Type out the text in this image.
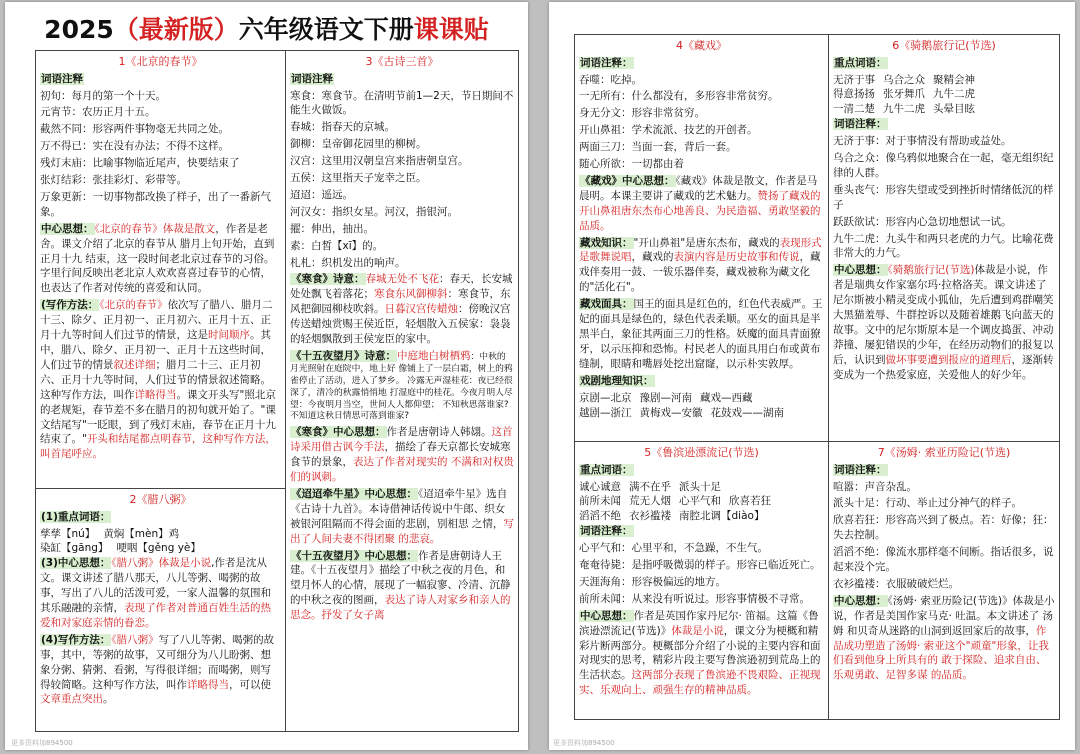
2025（最新版）六年级语文下册课课贴
1《北京的春节》

词语注释

初旬：每月的第一个十天。

元宵节：农历正月十五。

截然不同：形容两件事物毫无共同之处。

万不得已：实在没有办法；不得不这样。

残灯末庙：比喻事物临近尾声，快要结束了

张灯结彩：张挂彩灯、彩带等。

万象更新：一切事物都改换了样子，出了一番新气象。

中心思想：《北京的春节》体裁是散文，作者是老舍。课文介绍了北京的春节从 腊月上旬开始，直到正月十九 结束，这一段时间老北京过春节的习俗。字里行间反映出老北京人欢欢喜喜过春节的心情，也表达了作者对传统的喜爱和认同。

(写作方法：《北京的春节》依次写了腊八、腊月二十三、除夕、正月初一、正月初六、正月十五、正月十九等时间人们过节的情景，这是时间顺序。其中，腊八、除夕、正月初一、正月十五这些时间，人们过节的情景叙述详细；腊月二十三、正月初六、正月十九等时间，人们过节的情景叙述简略。这种写作方法，叫作详略得当。课文开头写"照北京的老规矩，春节差不多在腊月的初旬就开始了。"课文结尾写"一眨眼，到了残灯末庙，春节在正月十九结束了。"开头和结尾都点明春节，这种写作方法，叫首尾呼应。

2《腊八粥》

(1)重点词语：

孳孳【nú】 黄焖【mèn】鸡
染缸【gāng】 哽咽【gěng yè】

(3)中心思想：《腊八粥》体裁是小说,作者是沈从文。课文讲述了腊八那天，八儿等粥、喝粥的故事，写出了八儿的活泼可爱，一家人温馨的氛围和其乐融融的亲情，表现了作者对普通百姓生活的热爱和对家庭亲情的眷恋。

(4)写作方法：《腊八粥》写了八儿等粥、喝粥的故事，其中，等粥的故事，又可细分为八儿盼粥、想象分粥、猜粥、看粥，写得很详细；而喝粥，则写得较简略。这种写作方法，叫作详略得当，可以使文章重点突出。

3《古诗三首》

词语注释

寒食：寒食节。在清明节前1—2天，节日期间不能生火做饭。

春城：指春天的京城。

御柳：皇帝御花园里的柳树。

汉宫：这里用汉朝皇宫来指唐朝皇宫。

五侯：这里指天子宠幸之臣。

迢迢：遥远。

河汉女：指织女星。河汉，指银河。

擢：伸出，抽出。

素：白皙【xī】的。

札札：织机发出的响声。

《寒食》诗意：春城无处不飞花：春天，长安城处处飘飞着落花；寒食东风御柳斜：寒食节，东风把御园柳枝吹斜。日暮汉宫传蜡烛：傍晚汉宫传送蜡烛赏赐王侯近臣，轻烟散入五侯家：袅袅的轻烟飘散到王侯宠臣的家中。

《十五夜望月》诗意：中庭地白树栖鸦：中秋的月光照射在庭院中，地上好 像铺上了一层白霜，树上的鸦雀停止了活动，进入了梦乡。 冷露无声湿桂花：夜已经很深了，清冷的秋露悄悄地 打湿庭中的桂花。今夜月明人尽望：今夜明月当空，世间人人都仰望； 不知秋思落谁家?不知道这秋日情思可落到谁家?

《寒食》中心思想：作者是唐朝诗人韩翃。这首诗采用借古讽今手法，描绘了春天京都长安城寒食节的景象，表达了作者对现实的 不满和对权贵们的讽刺。

《迢迢牵牛星》中心思想：《迢迢牵牛星》选自《古诗十九首》。本诗借神话传说中牛郎、织女被银河阻隔而不得会面的悲剧，别相思 之情，写出了人间夫妻不得团聚 的悲哀。

《十五夜望月》中心思想：作者是唐朝诗人王建。《十五夜望月》描绘了中秋之夜的月色，和望月怀人的心情，展现了一幅寂寥、冷清、沉静 的中秋之夜的图画，表达了诗人对家乡和亲人的思念。抒发了女子离

更多资料加894500
4《藏戏》

词语注释：

吞噬：吃掉。

一无所有：什么都没有，多形容非常贫穷。

身无分文：形容非常贫穷。

开山鼻祖：学术流派、技艺的开创者。

两面三刀：当面一套，背后一套。

随心所欲：一切都由着

《藏戏》中心思想：《藏戏》体裁是散文，作者是马晨明。本课主要讲了藏戏的艺术魅力。赞扬了藏戏的开山鼻祖唐东杰布心地善良、为民造福、勇敢坚毅的品质。

藏戏知识："开山鼻祖"是唐东杰布，藏戏的表现形式是歌舞说唱，藏戏的表演内容是历史故事和传说，藏戏伴奏用一鼓、一钹乐器伴奏，藏戏被称为藏文化的"活化石"。

藏戏面具：国王的面具是红色的，红色代表威严。王妃的面具是绿色的，绿色代表柔顺。巫女的面具是半黑半白，象征其两面三刀的性格。妖魔的面具青面獠牙，以示压抑和恐怖。村民老人的面具用白布或黄布缝制，眼睛和嘴唇处挖出窟窿，以示朴实敦厚。

戏剧地理知识：

京剧—北京 豫剧—河南 藏戏—西藏
越剧—浙江 黄梅戏—安徽 花鼓戏——湖南
6《骑鹅旅行记(节选)

重点词语：

无济于事 乌合之众 聚精会神
得意扬扬 张牙舞爪 九牛二虎
一清二楚 九牛二虎 头晕目眩

词语注释：

无济于事：对于事情没有帮助或益处。

乌合之众：像乌鸦似地聚合在一起，毫无组织纪律的人群。

垂头丧气：形容失望或受到挫折时情绪低沉的样子

跃跃欲试：形容内心急切地想试一试。

九牛二虎：九头牛和两只老虎的力气。比喻花费非常大的力气。

中心思想：《骑鹅旅行记(节选)体裁是小说，作者是瑞典女作家塞尔玛·拉格洛芙。课文讲述了尼尔斯被小精灵变成小狐仙，先后遭到鸡群嘲笑大黑猫羞辱、牛群控诉以及随着雄鹅飞向蓝天的故事。文中的尼尔斯原本是一个调皮捣蛋、冲动莽撞、屡犯错误的少年，在经历动物们的报复以后，认识到做坏事要遭到报应的道理后，逐渐转变成为一个热爱家庭，关爱他人的好少年。

5《鲁滨逊漂流记(节选)

重点词语：

诚心诚意 满不在乎 派头十足
前所未闻 荒无人烟 心平气和 欣喜若狂
滔滔不绝 衣衫褴褛 南腔北调【diào】

词语注释：

心平气和：心里平和，不急躁，不生气。

奄奄待毙：是指呼吸微弱的样子。形容已临近死亡。

天涯海角：形容极偏远的地方。

前所未闻：从来没有听说过。形容事情极不寻常。

中心思想：作者是英国作家丹尼尔· 笛福。这篇《鲁滨逊漂流记(节选)》体裁是小说，课文分为梗概和精彩片断两部分。梗概部分介绍了小说的主要内容和面对现实的思考，精彩片段主要写鲁滨逊初到荒岛上的生活状态。这两部分表现了鲁滨逊不畏艰险、正视现实、乐观向上、顽强生存的精神品质。

7《汤姆· 索亚历险记(节选)

词语注释：

喧嚣：声音杂乱。

派头十足：行动、举止过分神气的样子。

欣喜若狂：形容高兴到了极点。若：好像；狂：失去控制。

滔滔不绝：像流水那样毫不间断。指话很多，说起来没个完。

衣衫褴褛：衣服破破烂烂。

中心思想：《汤姆· 索亚历险记(节选)》体裁是小说，作者是美国作家马克· 吐温。本文讲述了 汤姆 和贝奇从迷路的山洞到返回家后的故事，作品成功塑造了汤姆· 索亚这个"顽童"形象，让我们看到他身上所具有的 敢于探险、追求自由、乐观勇敢、足智多谋 的品质。

更多资料加894500
